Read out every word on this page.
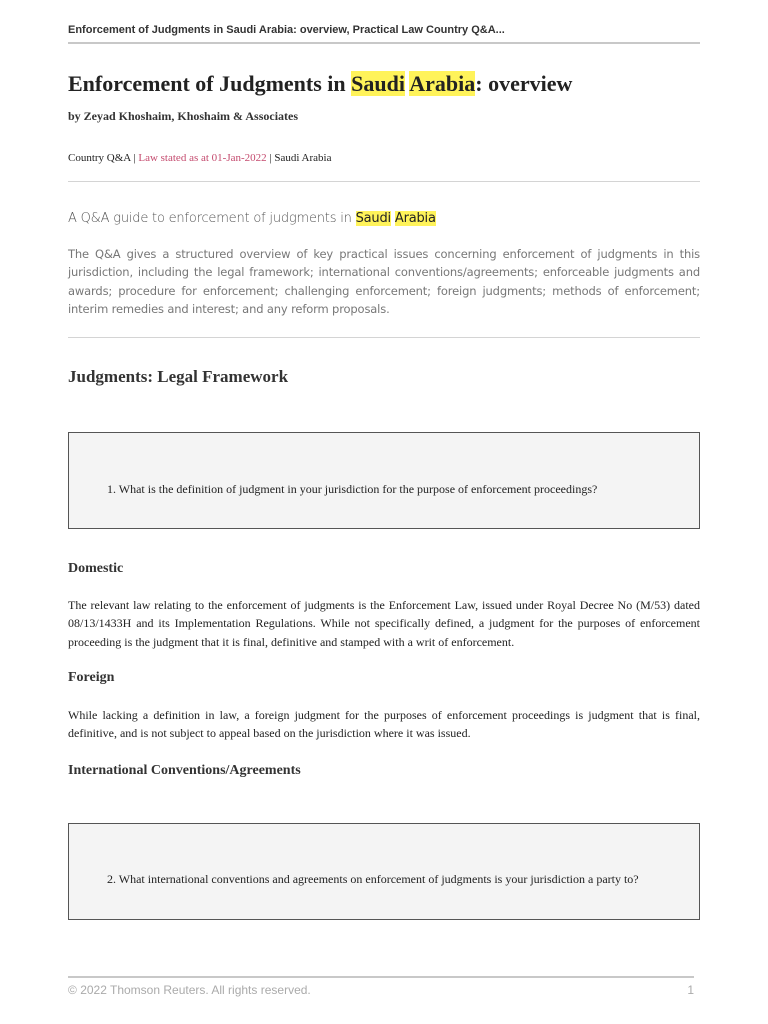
Enforcement of Judgments in Saudi Arabia: overview, Practical Law Country Q&A...
Enforcement of Judgments in Saudi Arabia: overview
by Zeyad Khoshaim, Khoshaim & Associates
Country Q&A | Law stated as at 01-Jan-2022 | Saudi Arabia
A Q&A guide to enforcement of judgments in Saudi Arabia

The Q&A gives a structured overview of key practical issues concerning enforcement of judgments in this jurisdiction, including the legal framework; international conventions/agreements; enforceable judgments and awards; procedure for enforcement; challenging enforcement; foreign judgments; methods of enforcement; interim remedies and interest; and any reform proposals.

Judgments: Legal Framework
1. What is the definition of judgment in your jurisdiction for the purpose of enforcement proceedings?
Domestic

The relevant law relating to the enforcement of judgments is the Enforcement Law, issued under Royal Decree No (M/53) dated 08/13/1433H and its Implementation Regulations. While not specifically defined, a judgment for the purposes of enforcement proceeding is the judgment that it is final, definitive and stamped with a writ of enforcement.

Foreign

While lacking a definition in law, a foreign judgment for the purposes of enforcement proceedings is judgment that is final, definitive, and is not subject to appeal based on the jurisdiction where it was issued.

International Conventions/Agreements
2. What international conventions and agreements on enforcement of judgments is your jurisdiction a party to?
© 2022 Thomson Reuters. All rights reserved.	1
